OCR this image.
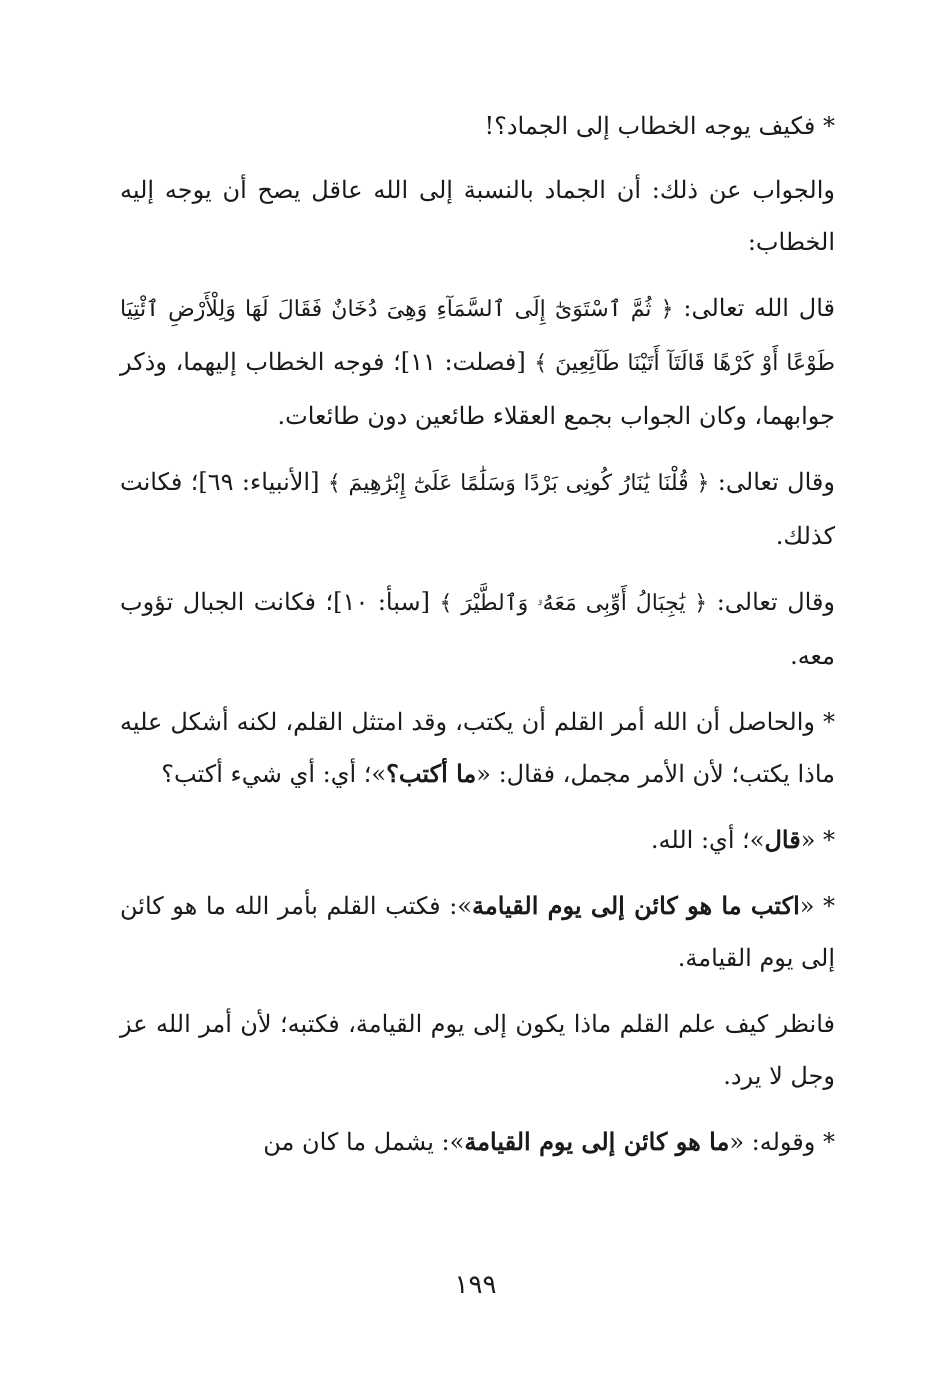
* فكيف يوجه الخطاب إلى الجماد؟!

والجواب عن ذلك: أن الجماد بالنسبة إلى الله عاقل يصح أن يوجه إليه الخطاب:

قال الله تعالى: ﴿ ثُمَّ ٱسْتَوَىٰٓ إِلَى ٱلسَّمَآءِ وَهِىَ دُخَانٌ فَقَالَ لَهَا وَلِلْأَرْضِ ٱئْتِيَا طَوْعًا أَوْ كَرْهًا قَالَتَآ أَتَيْنَا طَآئِعِينَ ﴾ [فصلت: ١١]؛ فوجه الخطاب إليهما، وذكر جوابهما، وكان الجواب بجمع العقلاء طائعين دون طائعات.

وقال تعالى: ﴿ قُلْنَا يَٰنَارُ كُونِى بَرْدًا وَسَلَٰمًا عَلَىٰٓ إِبْرَٰهِيمَ ﴾ [الأنبياء: ٦٩]؛ فكانت كذلك.

وقال تعالى: ﴿ يَٰجِبَالُ أَوِّبِى مَعَهُۥ وَٱلطَّيْرَ ﴾ [سبأ: ١٠]؛ فكانت الجبال تؤوب معه.

* والحاصل أن الله أمر القلم أن يكتب، وقد امتثل القلم، لكنه أشكل عليه ماذا يكتب؛ لأن الأمر مجمل، فقال: «ما أكتب؟»؛ أي: أي شيء أكتب؟

* «قال»؛ أي: الله.

* «اكتب ما هو كائن إلى يوم القيامة»: فكتب القلم بأمر الله ما هو كائن إلى يوم القيامة.

فانظر كيف علم القلم ماذا يكون إلى يوم القيامة، فكتبه؛ لأن أمر الله عز وجل لا يرد.

* وقوله: «ما هو كائن إلى يوم القيامة»: يشمل ما كان من

١٩٩
